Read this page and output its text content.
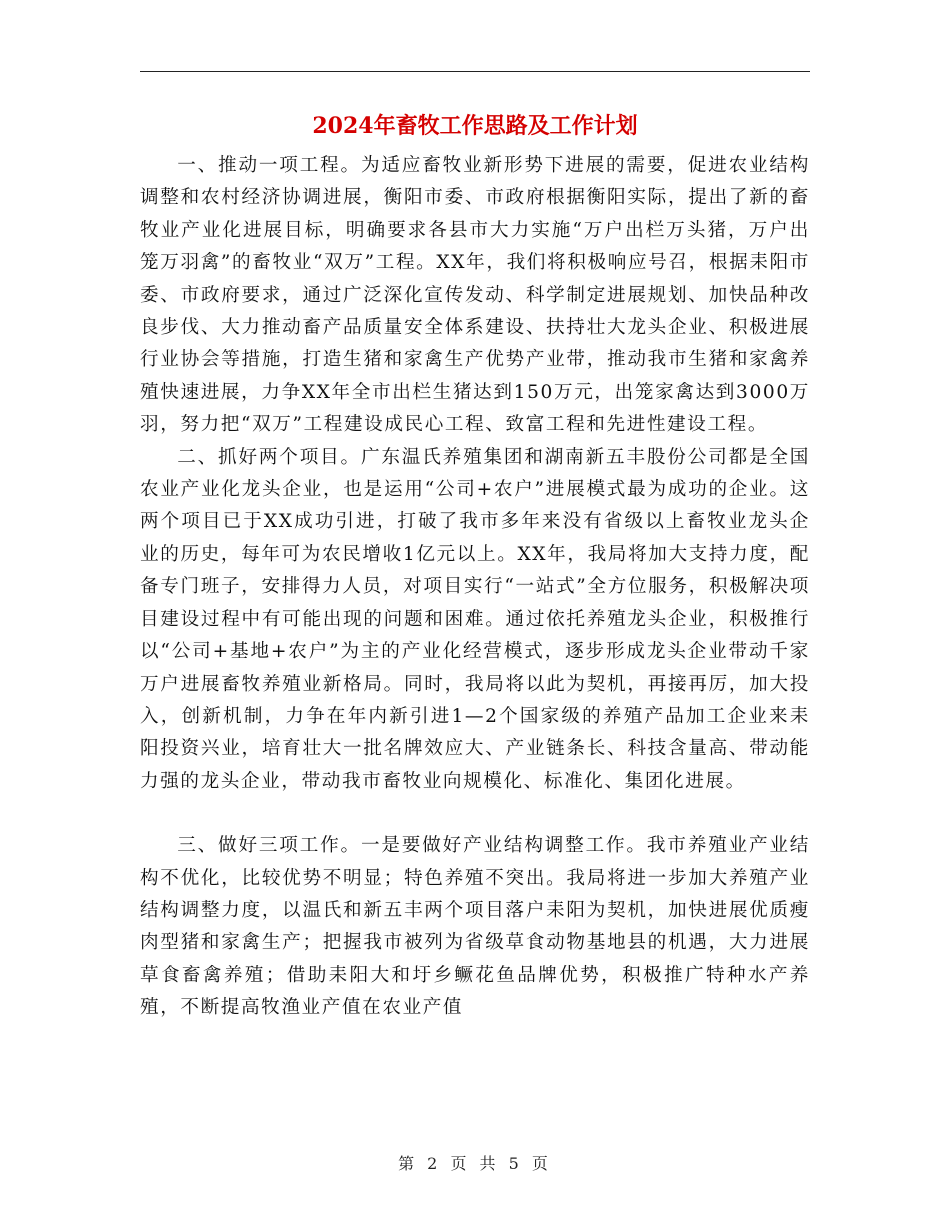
2024年畜牧工作思路及工作计划

一、推动一项工程。为适应畜牧业新形势下进展的需要，促进农业结构调整和农村经济协调进展，衡阳市委、市政府根据衡阳实际，提出了新的畜牧业产业化进展目标，明确要求各县市大力实施“万户出栏万头猪，万户出笼万羽禽”的畜牧业“双万”工程。XX年，我们将积极响应号召，根据耒阳市委、市政府要求，通过广泛深化宣传发动、科学制定进展规划、加快品种改良步伐、大力推动畜产品质量安全体系建设、扶持壮大龙头企业、积极进展行业协会等措施，打造生猪和家禽生产优势产业带，推动我市生猪和家禽养殖快速进展，力争XX年全市出栏生猪达到150万元，出笼家禽达到3000万羽，努力把“双万”工程建设成民心工程、致富工程和先进性建设工程。

二、抓好两个项目。广东温氏养殖集团和湖南新五丰股份公司都是全国农业产业化龙头企业，也是运用“公司+农户”进展模式最为成功的企业。这两个项目已于XX成功引进，打破了我市多年来没有省级以上畜牧业龙头企业的历史，每年可为农民增收1亿元以上。XX年，我局将加大支持力度，配备专门班子，安排得力人员，对项目实行“一站式”全方位服务，积极解决项目建设过程中有可能出现的问题和困难。通过依托养殖龙头企业，积极推行以“公司+基地+农户”为主的产业化经营模式，逐步形成龙头企业带动千家万户进展畜牧养殖业新格局。同时，我局将以此为契机，再接再厉，加大投入，创新机制，力争在年内新引进1—2个国家级的养殖产品加工企业来耒阳投资兴业，培育壮大一批名牌效应大、产业链条长、科技含量高、带动能力强的龙头企业，带动我市畜牧业向规模化、标准化、集团化进展。

三、做好三项工作。一是要做好产业结构调整工作。我市养殖业产业结构不优化，比较优势不明显；特色养殖不突出。我局将进一步加大养殖产业结构调整力度，以温氏和新五丰两个项目落户耒阳为契机，加快进展优质瘦肉型猪和家禽生产；把握我市被列为省级草食动物基地县的机遇，大力进展草食畜禽养殖；借助耒阳大和圩乡鳜花鱼品牌优势，积极推广特种水产养殖，不断提高牧渔业产值在农业产值

第 2 页 共 5 页
